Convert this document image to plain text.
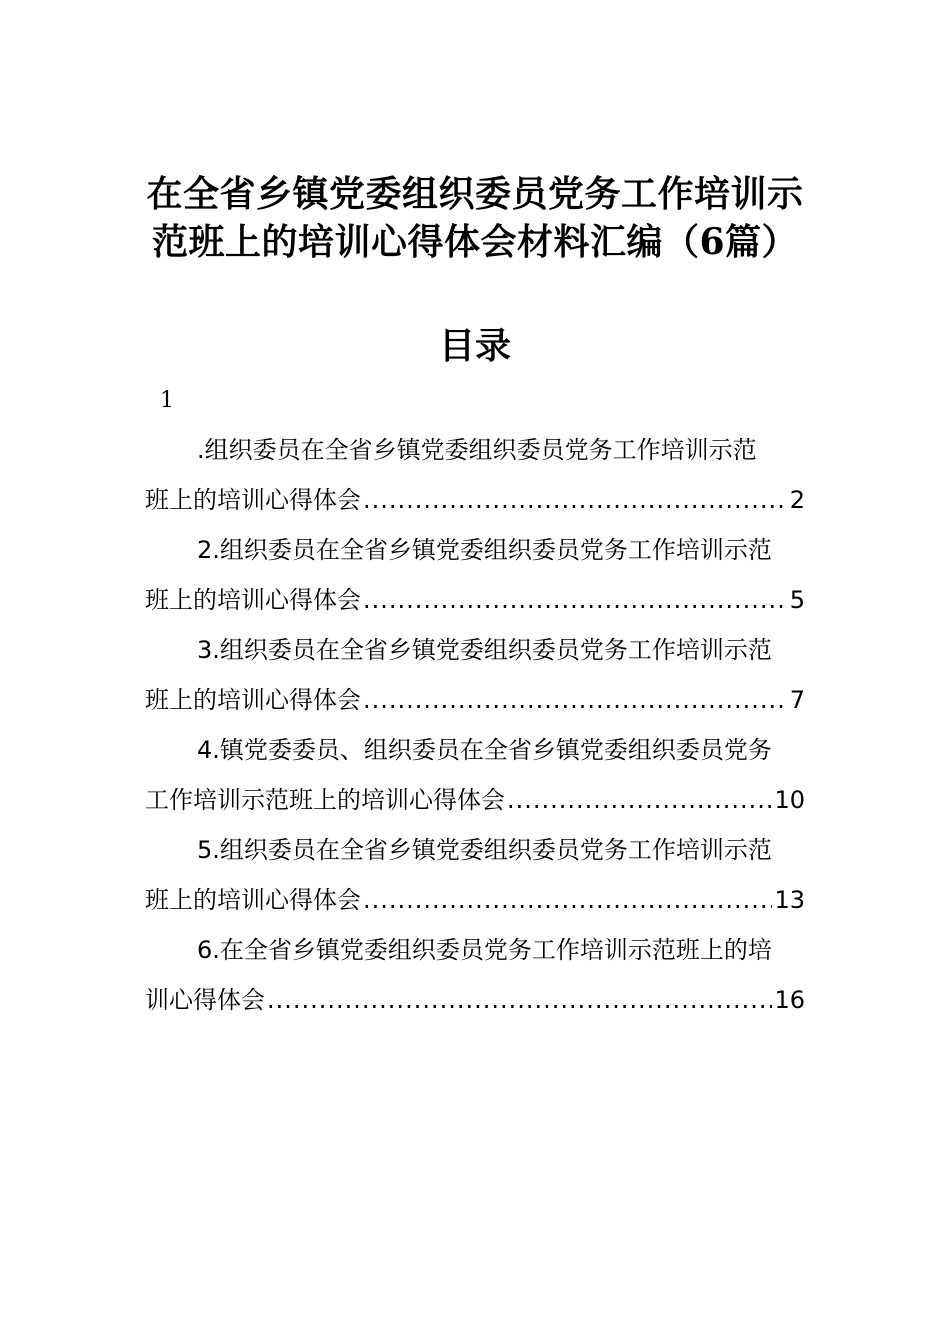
在全省乡镇党委组织委员党务工作培训示
范班上的培训心得体会材料汇编（6篇）
目录
1
.组织委员在全省乡镇党委组织委员党务工作培训示范
班上的培训心得体会 .....	2
2.组织委员在全省乡镇党委组织委员党务工作培训示范
班上的培训心得体会 .....	5
3.组织委员在全省乡镇党委组织委员党务工作培训示范
班上的培训心得体会 .....	7
4.镇党委委员、组织委员在全省乡镇党委组织委员党务
工作培训示范班上的培训心得体会 .....	10
5.组织委员在全省乡镇党委组织委员党务工作培训示范
班上的培训心得体会 .....	13
6.在全省乡镇党委组织委员党务工作培训示范班上的培
训心得体会 .....	16
